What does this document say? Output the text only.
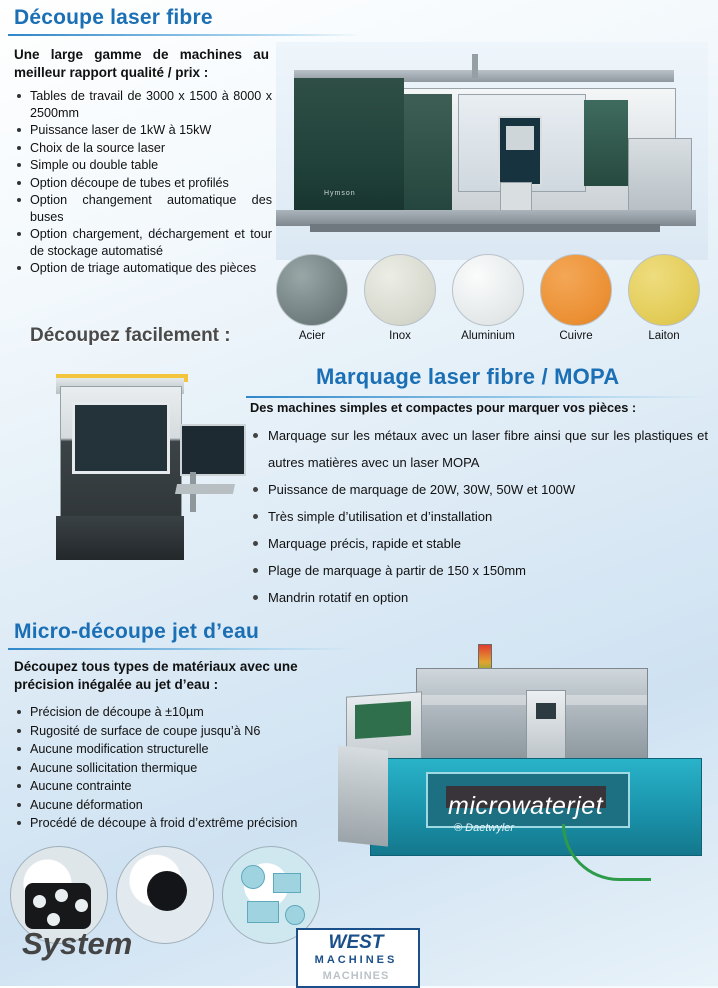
Découpe laser fibre
Une large gamme de machines au meilleur rapport qualité / prix :
Tables de travail de 3000 x 1500 à 8000 x 2500mm
Puissance laser de 1kW à 15kW
Choix de la source laser
Simple ou double table
Option découpe de tubes et profilés
Option changement automatique des buses
Option chargement, déchargement et tour de stockage automatisé
Option de triage automatique des pièces
Hymson
Acier	Inox	Aluminium	Cuivre	Laiton
Découpez facilement :
Marquage laser fibre / MOPA
Des machines simples et compactes pour marquer vos pièces :
Marquage sur les métaux avec un laser fibre ainsi que sur les plastiques et autres matières avec un laser MOPA
Puissance de marquage de 20W, 30W, 50W et 100W
Très simple d’utilisation et d’installation
Marquage précis, rapide et stable
Plage de marquage à partir de 150 x 150mm
Mandrin rotatif en option
Micro-découpe jet d’eau
Découpez tous types de matériaux avec une précision inégalée au jet d’eau :
Précision de découpe à ±10µm
Rugosité de surface de coupe jusqu’à N6
Aucune modification structurelle
Aucune sollicitation thermique
Aucune contrainte
Aucune déformation
Procédé de découpe à froid d’extrême précision
microwaterjet
® Daetwyler
System	WEST
MACHINES
MACHINES
